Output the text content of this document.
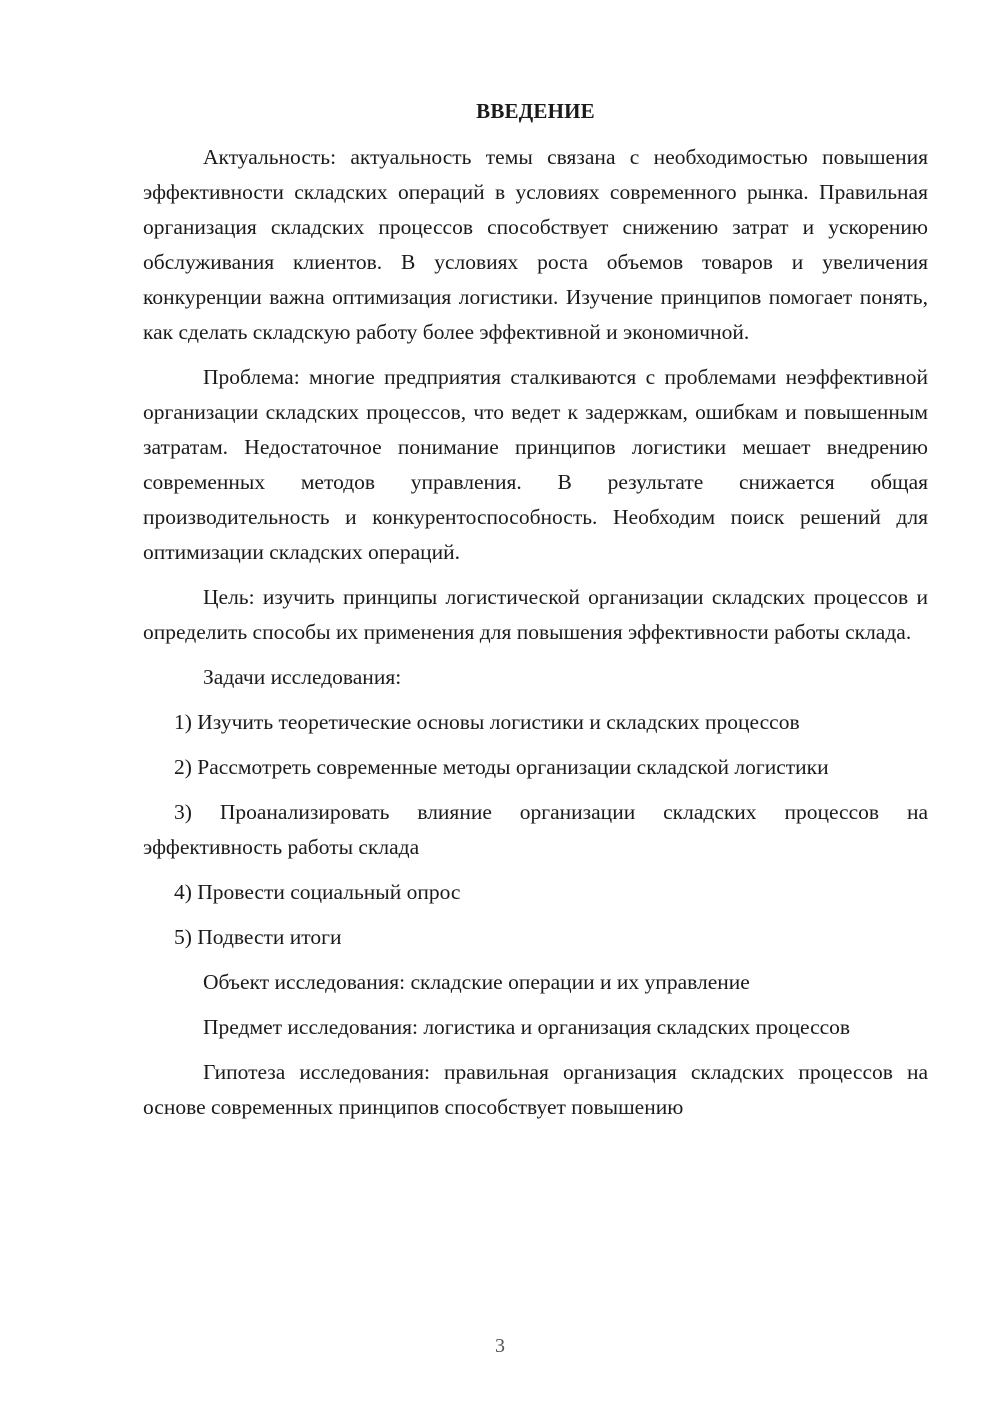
ВВЕДЕНИЕ

Актуальность: актуальность темы связана с необходимостью повышения эффективности складских операций в условиях современного рынка. Правильная организация складских процессов способствует снижению затрат и ускорению обслуживания клиентов. В условиях роста объемов товаров и увеличения конкуренции важна оптимизация логистики. Изучение принципов помогает понять, как сделать складскую работу более эффективной и экономичной.

Проблема: многие предприятия сталкиваются с проблемами неэффективной организации складских процессов, что ведет к задержкам, ошибкам и повышенным затратам. Недостаточное понимание принципов логистики мешает внедрению современных методов управления. В результате снижается общая производительность и конкурентоспособность. Необходим поиск решений для оптимизации складских операций.

Цель: изучить принципы логистической организации складских процессов и определить способы их применения для повышения эффективности работы склада.

Задачи исследования:

1) Изучить теоретические основы логистики и складских процессов

2) Рассмотреть современные методы организации складской логистики

3) Проанализировать влияние организации складских процессов на эффективность работы склада

4) Провести социальный опрос

5) Подвести итоги

Объект исследования: складские операции и их управление

Предмет исследования: логистика и организация складских процессов

Гипотеза исследования: правильная организация складских процессов на основе современных принципов способствует повышению

3
